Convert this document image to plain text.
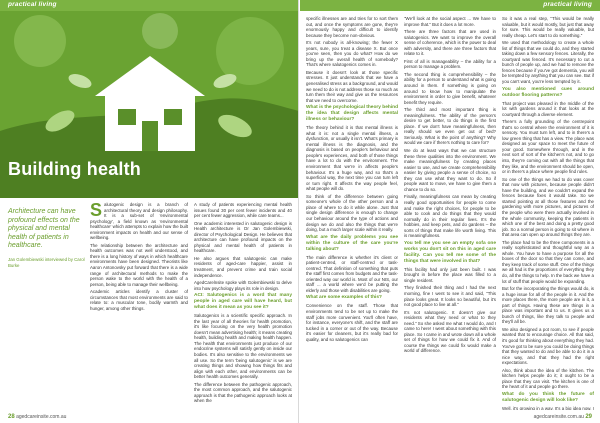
practical living
Building health
Architecture can have profound effects on the physical and mental health of patients in healthcare.
Jan Golembiewski interviewed by Carol Burke

Salutogenic design is a branch of architectural theory and design philosophy. It is a sub-set of 'environmental psychology', a field known as 'environmental healthcare' which attempts to explain how the built environment impacts on health and our sense of wellbeing.

The relationship between the architecture and health outcomes was not well understood, and there is a long history of ways in which healthcare environments have been designed. Theorists like Aaron Antonovsky put forward that there is a wide range of architectural methods to make the person wake to the world with the health of a person, being able to manage their wellbeing.

Academic articles identify a cluster of circumstances that most environments are said to relate to: a muscular tone, bodily warmth and hunger, among other things.

A study of patients experiencing mental health issues found 30 per cent fewer incidents and 40 per cent fewer aggression, while care teams...

One academic interested in salutogenic design is Health architecture is Dr Jan Golembiewski, director of Psychological Design. He believes that architecture can have profound impacts on the physical and mental health of patients in healthcare.

He also argues that salutogenic can make residents of aged-care happier, assist in treatment, and prevent crime and train social independence.

AgedCarelnsite spoke with Golembiewski to delve into how psychology plays its role in design.

ACI: Salutogenics is a word that many people in aged care will have heard, but what does it mean as you see it?

Salutogenics is a scientific specific approach. In the last year of all theories for health promotion, it's like focusing on the very health promotion doesn't mean advertising health; it means creating health, building health and making health happen. The health that environments just produce of our endocrine systems will satisfy gently on inside our bodies. It's also sensitive to the environments we all use. So the term 'being salutogenic' is we are creating things and showing how things fits and align with each other, and environments can be better health outcomes generally.

The difference between the pathogenic approach, the most common approach, and the salutogenic approach is that the pathogenic approach looks at when the

28 agedcareinsite.com.au
practical living

specific illnesses are and tries for to sort them out, and once the symptoms are gone, they're enormously happy and difficult to identify because they become non-obvious.

It's not nobody is all-knowing; the fewer X years, sure, you treat a disease X. But once you've seen, then you do what? How do we bring up the overall health of somebody? That's where salutogenics comes in.

Because it doesn't look at those specific stresses. It just understands that we have a generalised stress as a background, and would we need to do is not address those so much as turn them their way and give us the resources that we need to overcome.

What is the psychological theory behind the idea that design affects mental illness or behaviour?

The theory behind it is that mental illness is what it is: not a single mental illness, a dysfunction, or usually it isn't. What's primary is mental illness is the diagnosis, and the diagnosis is based on people's behaviour and people's experiences, and both of those things have a lot to do with the environment. The environment that we're in affects people's behaviour. It's a huge way, and so that's a superficial way, the next time you can turn left or turn right. It affects the way people feel, what people will do.

So think of the difference between going someone's whole of the other person and a place of where to do it while alone. Just that single design difference is enough to change our behaviour around the type of actions and design we do and also the things that we're doing, but a much larger scale within it really.

What are the daily problems you see within the culture of the care you're talking about?

The main difference is whether it's client or patient-centred, or staff-centred or task-centred. That definition of something that puts the staff first comes from budgets and the task-oriented way our world is. Most of our NIS, our staff ... a world where we'd be putting the elderly and those with disabilities are going.

What are some examples of this?

Convenience on the staff. Those that environments tend to be set up to make the staff jobs more convenient. You'll often have, for instance, everyone's shift, and the staff are tucked in a corner or out of the way. Because it's easier for cleaners, but it's really bad for quality, and so salutogenics can

"We'll look at the social aspect ... We have to improve that." But it does a lot more.

There are three factors that are used in salutogenics. We want to improve the overall sense of coherence, which is the power to deal with adversity, and there are three factors that relate to it.

First of all is manageability – the ability for a person to manage a problem.

The second thing is comprehensibility – the ability for a person to understand what is going around in them. If something is going on around to know how to manipulate the environment in order to give benefit, whatever benefit they require.

The third and most important thing is meaningfulness. The ability of the person's desire to get better, to do things in the first place. If we don't have meaningfulness, then really should we even get out of bed? Seriously. What is the point of anything? Why would we care if there's nothing to care for?

We do at least ways that we can structure these three qualities into the environment. We make meaningfulness by creating places easier to use, and we create comprehensibility easier by giving people a sense of choice, so they can use what they want to do. So if people want to move, we have to give them a chance to do so.

Finally, meaningfulness can mean by creating really good opportunities for people to come and make the right choices, for people to be able to cook and do things that they would normally do in their regular lives. It's the hobbies, and keep pets, and do gardens – the sorts of things that make life worth living. This is meaningfulness.

You tell me you see an empty sofa one works you don't sit on this in aged care facility. Can you tell me some of the things that were involved in that?

This facility had only just been built. I was brought in before the place was filled to a single resident.

They finished their thing and I had the next morning, fine I went to see it and said, "This place looks great. It looks so beautiful, but it's not good place to live at all."

It's not salutogenic. It doesn't give our residents what they need or what to they need." So she asked me what I would do, and I came to here! I went about something with this place. So I came in and wrote down all a whole set of things for how we could fix it. And of course the things we could fix would make a world of difference.

So it was a real step, "This would be really valuable, but it would mostly, but just that away for sure. This would be really valuable, but really cheap. Let's start to do something."

We used that methodology to create a whole list of things that we could do, and they started taking down a few sensory fences. Literally, the courtyard was fenced. It's necessary to cut a bunch of people up, and we had to remove the fences because if you've got dementia, you will be tempted by anything that you can see. But if you can't want, you're less tempted by it.

You also mentioned cues around outdoor flooring patterns?

That project was pleased in the middle of the lot with gardens around it that looks at the courtyard through a diverse element.

There's a fully grounding of the centrepoint that's so central where the environment of it is sensory. You must turn left, and to in there's a low green thing that has a view. The place was designed as your space to meet the future of your good. Somewhere through, and in the next sort of sort of the kitchen's not, and to go into, they're coming out with all the things that they like, and the environment should be open, or in there's a place where people find rules.

So one of the things we had to do was cover that now with pictures, because people didn't have the building, and we couldn't expand the fences because fixes it would take. So we started pointing at all those features and the gardening with more pictures, and pictures of the people who were there actually involved in the whole community, keeping the patients in which one of the best and doing a pretty good job. So a normal person is going to sit where in that area can open up around things they are.

The place had to be the three components in a really sophisticated and thoughtful way as a whole. You have to have a purpose for all the boxes of the door so that they can come, and they keep track of some stuff. One of the things we all had is the proportions of everything they do, all the things to help. In the back we have a lot of stuff that people would be expanding.

But for the incorporating the things would do, is a huge issue for all of the people in it. And the more places there, the more people are in it, a part of things. Having these are things in a place was important and to us. It gives us a bunch of things, like they talk to people and they'll all be.

We also designed a pot room, to see if people wanted that to encourage choice. All that said, it's good for thinking about everything they had. You've got to be sure you could be doing things that they wanted to do and be able to do it in a nice way, and that they had the right expectations.

Also, think about the idea of the kitchen. The kitchen helps people do it; it ought to be a place that they can visit. The kitchen is one of the heart of it and people go there.

What do you think the future of salutogenic design will look like?

Well, it's growing in a way. It's a big idea now. I

agedcareinsite.com.au 29
